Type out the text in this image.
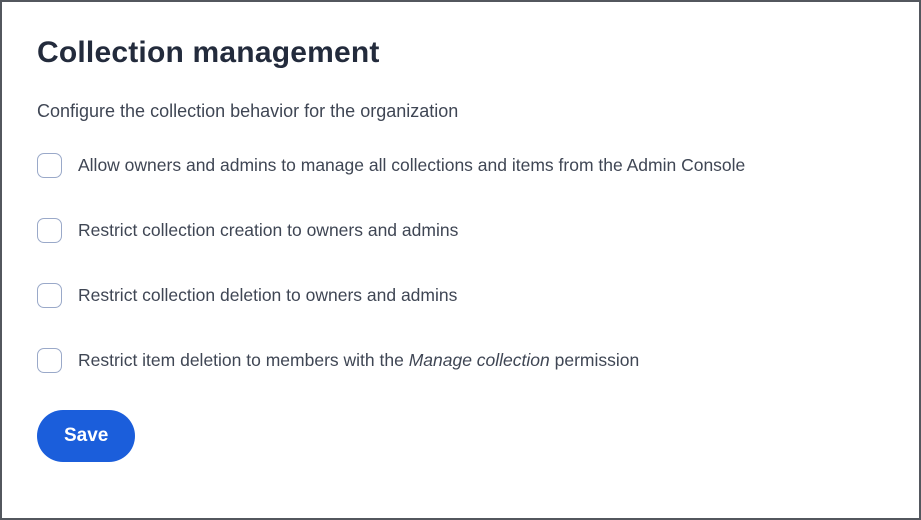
Collection management

Configure the collection behavior for the organization

Allow owners and admins to manage all collections and items from the Admin Console
Restrict collection creation to owners and admins
Restrict collection deletion to owners and admins
Restrict item deletion to members with the Manage collection permission
Save
